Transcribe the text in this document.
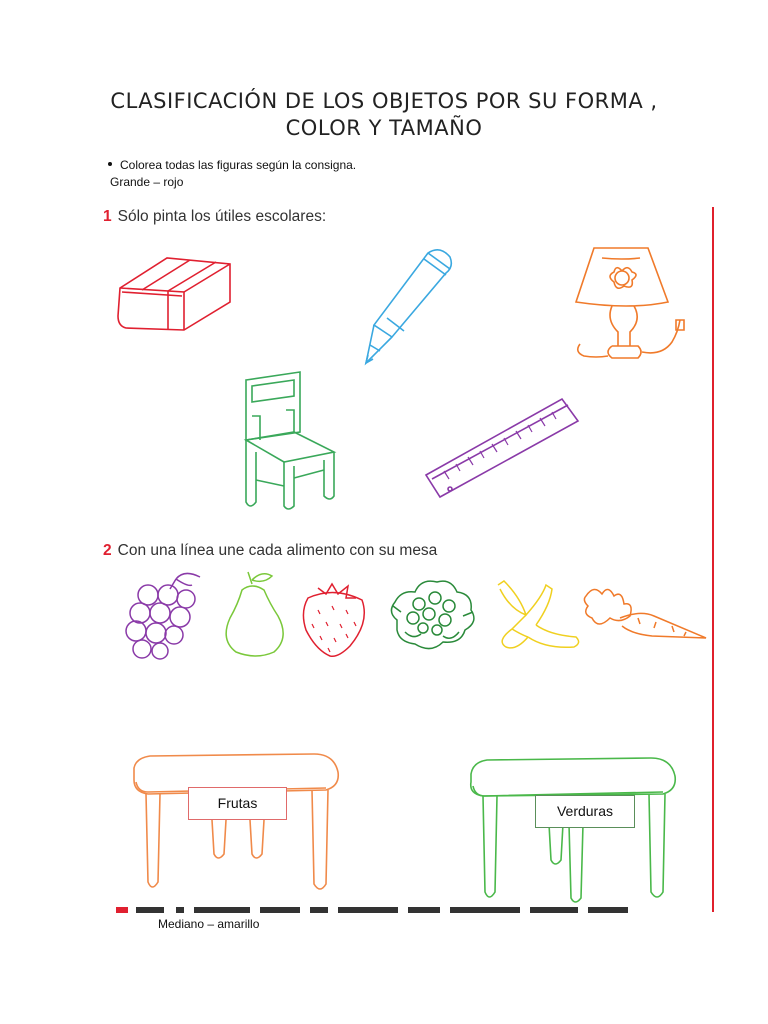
CLASIFICACIÓN DE LOS OBJETOS POR SU FORMA ,
COLOR Y TAMAÑO
Colorea todas las figuras según la consigna.
Grande – rojo
1 Sólo pinta los útiles escolares:
2 Con una línea une cada alimento con su mesa
Frutas	Verduras
Mediano – amarillo
